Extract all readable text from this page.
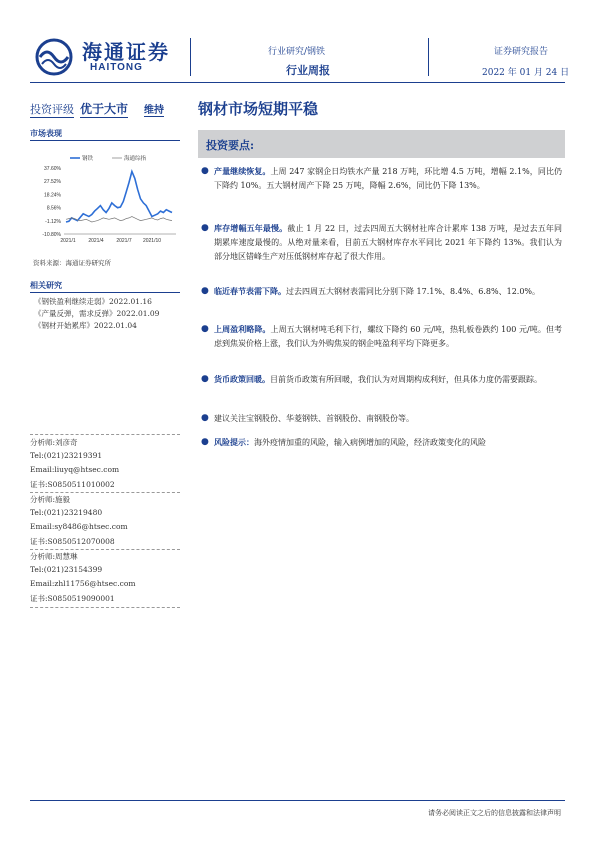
海通证券
HAITONG
行业研究/钢铁
行业周报
证券研究报告
2022 年 01 月 24 日
投资评级 优于大市 维持 钢材市场短期平稳
市场表现
37.60%
27.52%
18.24%
8.56%
-1.12%
-10.80%
2021/1	2021/4	2021/7 2021/10
钢铁	海通综指
资料来源：海通证券研究所
相关研究
《钢铁盈利继续走弱》2022.01.16
《产量反弹，需求反弹》2022.01.09
《钢材开始累库》2022.01.04
分析师:刘彦奇
Tel:(021)23219391
Email:liuyq@htsec.com
证书:S0850511010002
分析师:施毅
Tel:(021)23219480
Email:sy8486@htsec.com
证书:S0850512070008
分析师:周慧琳
Tel:(021)23154399
Email:zhl11756@htsec.com
证书:S0850519090001
投资要点:
● 产量继续恢复。上周 247 家钢企日均铁水产量 218 万吨，环比增 4.5 万吨，增幅 2.1%，同比仍下降约 10%。五大钢材周产下降 25 万吨，降幅 2.6%，同比仍下降 13%。
● 库存增幅五年最慢。截止 1 月 22 日，过去四周五大钢材社库合计累库 138 万吨，是过去五年同期累库速度最慢的。从绝对量来看，目前五大钢材库存水平同比 2021 年下降约 13%。我们认为部分地区错峰生产对压低钢材库存起了很大作用。
● 临近春节表需下降。过去四周五大钢材表需同比分别下降 17.1%、8.4%、6.8%、12.0%。
● 上周盈利略降。上周五大钢材吨毛利下行，螺纹下降约 60 元/吨，热轧板卷跌约 100 元/吨。但考虑到焦炭价格上涨，我们认为外购焦炭的钢企吨盈利平均下降更多。
● 货币政策回暖。目前货币政策有所回暖，我们认为对周期构成利好，但具体力度仍需要跟踪。
● 建议关注宝钢股份、华菱钢铁、首钢股份、南钢股份等。
● 风险提示：海外疫情加重的风险，输入病例增加的风险，经济政策变化的风险
请务必阅读正文之后的信息披露和法律声明
